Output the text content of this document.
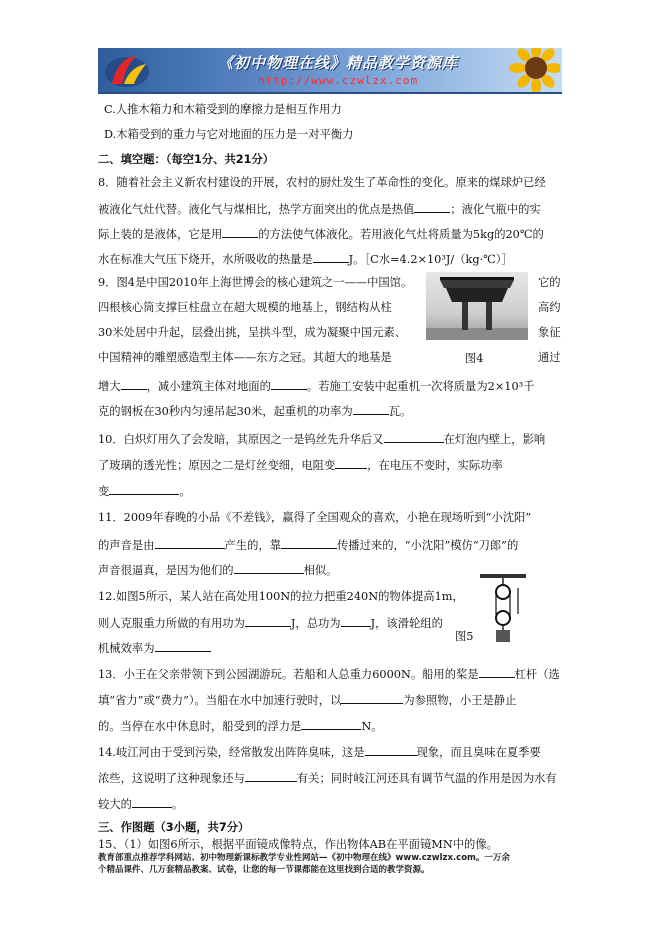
《初中物理在线》精品教学资源库
http://www.czwlzx.com
C.人推木箱力和木箱受到的摩擦力是相互作用力
D.木箱受到的重力与它对地面的压力是一对平衡力
二、填空题：（每空1分、共21分）
8．随着社会主义新农村建设的开展，农村的厨灶发生了革命性的变化。原来的煤球炉已经
被液化气灶代替。液化气与煤相比，热学方面突出的优点是热值	；液化气瓶中的实
际上装的是液体，它是用	的方法使气体液化。若用液化气灶将质量为5kg的20℃的
水在标准大气压下烧开，水所吸收的热量是	J。［C水=4.2×10³J/（kg·℃）］
9．图4是中国2010年上海世博会的核心建筑之一——中国馆。	它的
四根核心筒支撑巨柱盘立在超大规模的地基上，钢结构从柱	高约
30米处居中升起，层叠出挑，呈拱斗型，成为凝聚中国元素、	象征
中国精神的雕塑感造型主体——东方之冠。其超大的地基是	通过
图4
增大 ，减小建筑主体对地面的	。若施工安装中起重机一次将质量为2×10³千
克的钢板在30秒内匀速吊起30米，起重机的功率为	瓦。
10．白炽灯用久了会发暗，其原因之一是钨丝先升华后又	在灯泡内壁上，影响
了玻璃的透光性；原因之二是灯丝变细，电阻变	，在电压不变时，实际功率
变	。
11．2009年春晚的小品《不差钱》，赢得了全国观众的喜欢，小艳在现场听到“小沈阳”
的声音是由	产生的，靠	传播过来的，“小沈阳”模仿“刀郎”的
声音很逼真，是因为他们的	相似。
12.如图5所示，某人站在高处用100N的拉力把重240N的物体提高1m，
则人克服重力所做的有用功为	J，总功为	J，该滑轮组的
机械效率为
图5
13．小王在父亲带领下到公园湖游玩。若船和人总重力6000N。船用的桨是	杠杆（选
填“省力”或“费力”）。当船在水中加速行驶时，以	为参照物，小王是静止
的。当停在水中休息时，船受到的浮力是	N。
14.岐江河由于受到污染，经常散发出阵阵臭味，这是	现象，而且臭味在夏季要
浓些，这说明了这种现象还与	有关；同时岐江河还具有调节气温的作用是因为水有
较大的	。
三、作图题（3小题，共7分）
15、（1）如图6所示，根据平面镜成像特点，作出物体AB在平面镜MN中的像。
教育部重点推荐学科网站、初中物理新课标教学专业性网站—《初中物理在线》www.czwlzx.com。一万余
个精品课件、几万套精品教案、试卷，让您的每一节课都能在这里找到合适的教学资源。
